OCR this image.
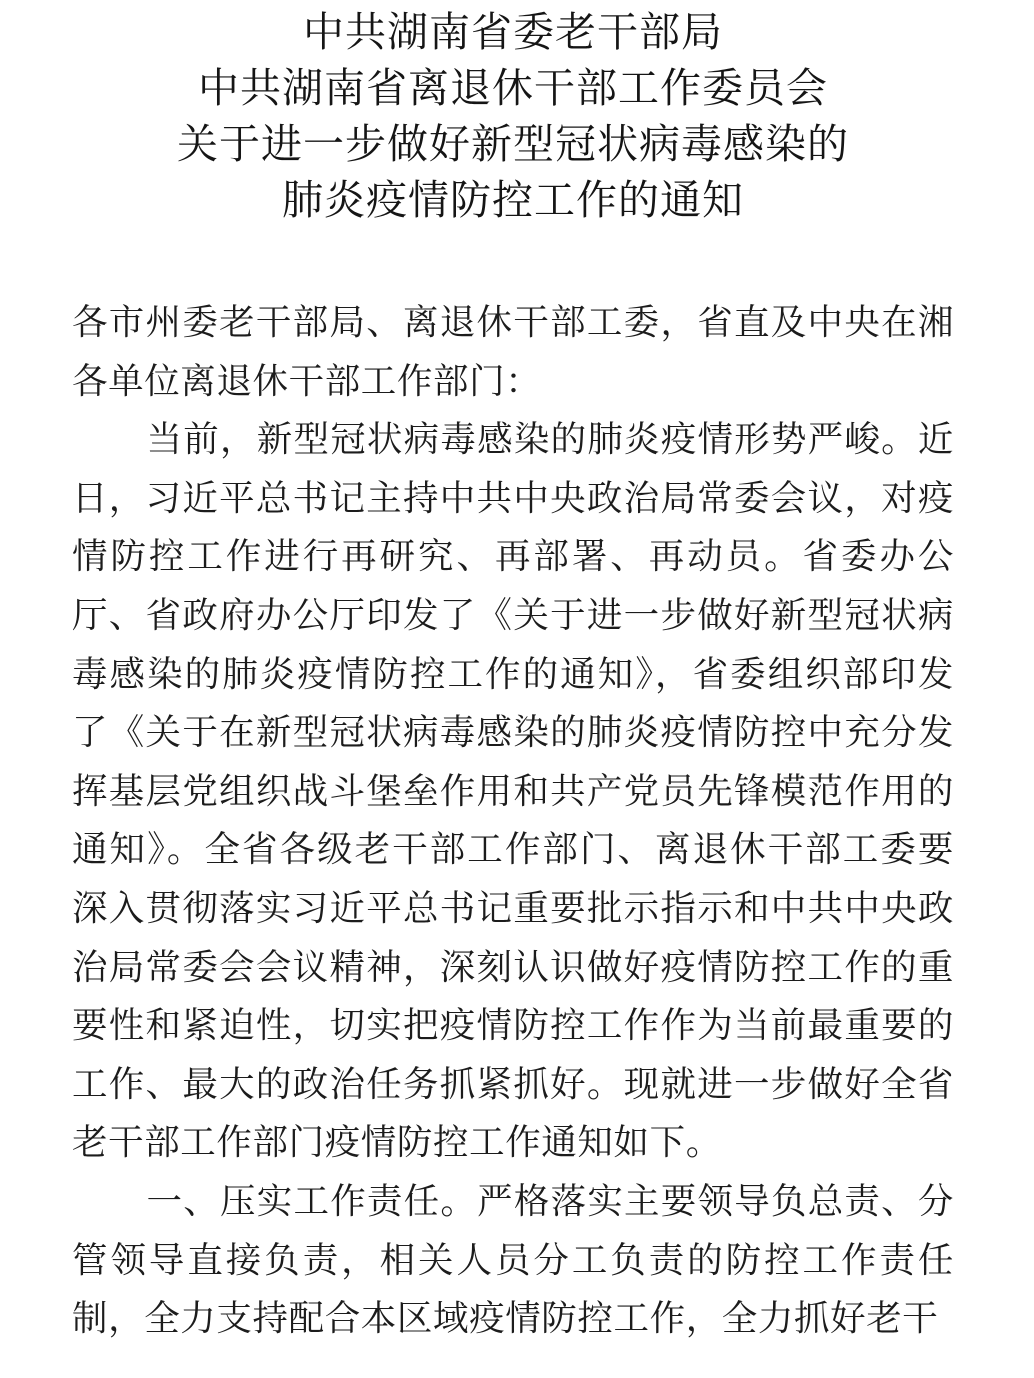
中共湖南省委老干部局
中共湖南省离退休干部工作委员会
关于进一步做好新型冠状病毒感染的
肺炎疫情防控工作的通知

各市州委老干部局、离退休干部工委，省直及中央在湘各单位离退休干部工作部门：

当前，新型冠状病毒感染的肺炎疫情形势严峻。近日，习近平总书记主持中共中央政治局常委会议，对疫情防控工作进行再研究、再部署、再动员。省委办公厅、省政府办公厅印发了《关于进一步做好新型冠状病毒感染的肺炎疫情防控工作的通知》，省委组织部印发了《关于在新型冠状病毒感染的肺炎疫情防控中充分发挥基层党组织战斗堡垒作用和共产党员先锋模范作用的通知》。全省各级老干部工作部门、离退休干部工委要深入贯彻落实习近平总书记重要批示指示和中共中央政治局常委会会议精神，深刻认识做好疫情防控工作的重要性和紧迫性，切实把疫情防控工作作为当前最重要的工作、最大的政治任务抓紧抓好。现就进一步做好全省老干部工作部门疫情防控工作通知如下。

一、压实工作责任。严格落实主要领导负总责、分管领导直接负责，相关人员分工负责的防控工作责任制，全力支持配合本区域疫情防控工作，全力抓好老干
